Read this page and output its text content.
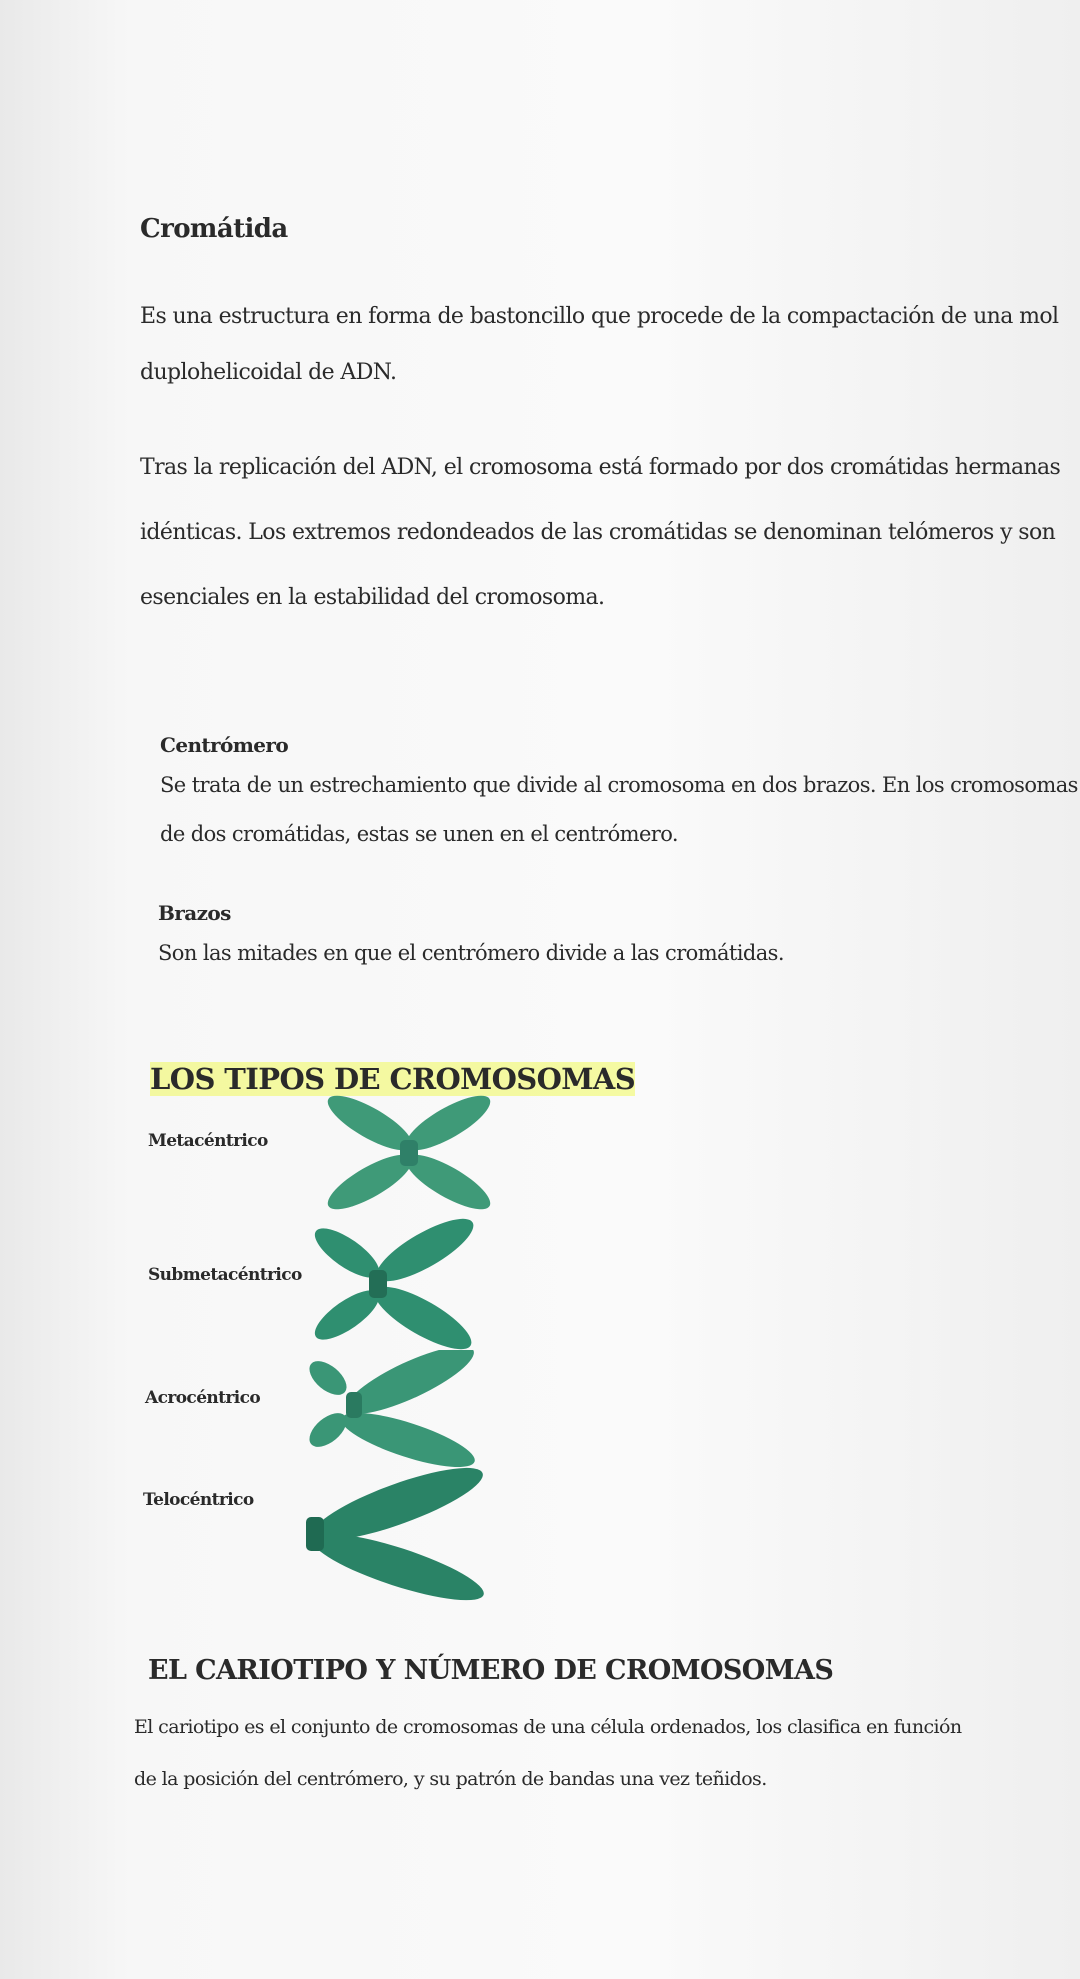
Cromátida
Es una estructura en forma de bastoncillo que procede de la compactación de una mol
duplohelicoidal de ADN.
Tras la replicación del ADN, el cromosoma está formado por dos cromátidas hermanas
idénticas. Los extremos redondeados de las cromátidas se denominan telómeros y son
esenciales en la estabilidad del cromosoma.
Centrómero
Se trata de un estrechamiento que divide al cromosoma en dos brazos. En los cromosomas
de dos cromátidas, estas se unen en el centrómero.
Brazos
Son las mitades en que el centrómero divide a las cromátidas.
LOS TIPOS DE CROMOSOMAS
Metacéntrico
Submetacéntrico
Acrocéntrico
Telocéntrico
EL CARIOTIPO Y NÚMERO DE CROMOSOMAS
El cariotipo es el conjunto de cromosomas de una célula ordenados, los clasifica en función
de la posición del centrómero, y su patrón de bandas una vez teñidos.
